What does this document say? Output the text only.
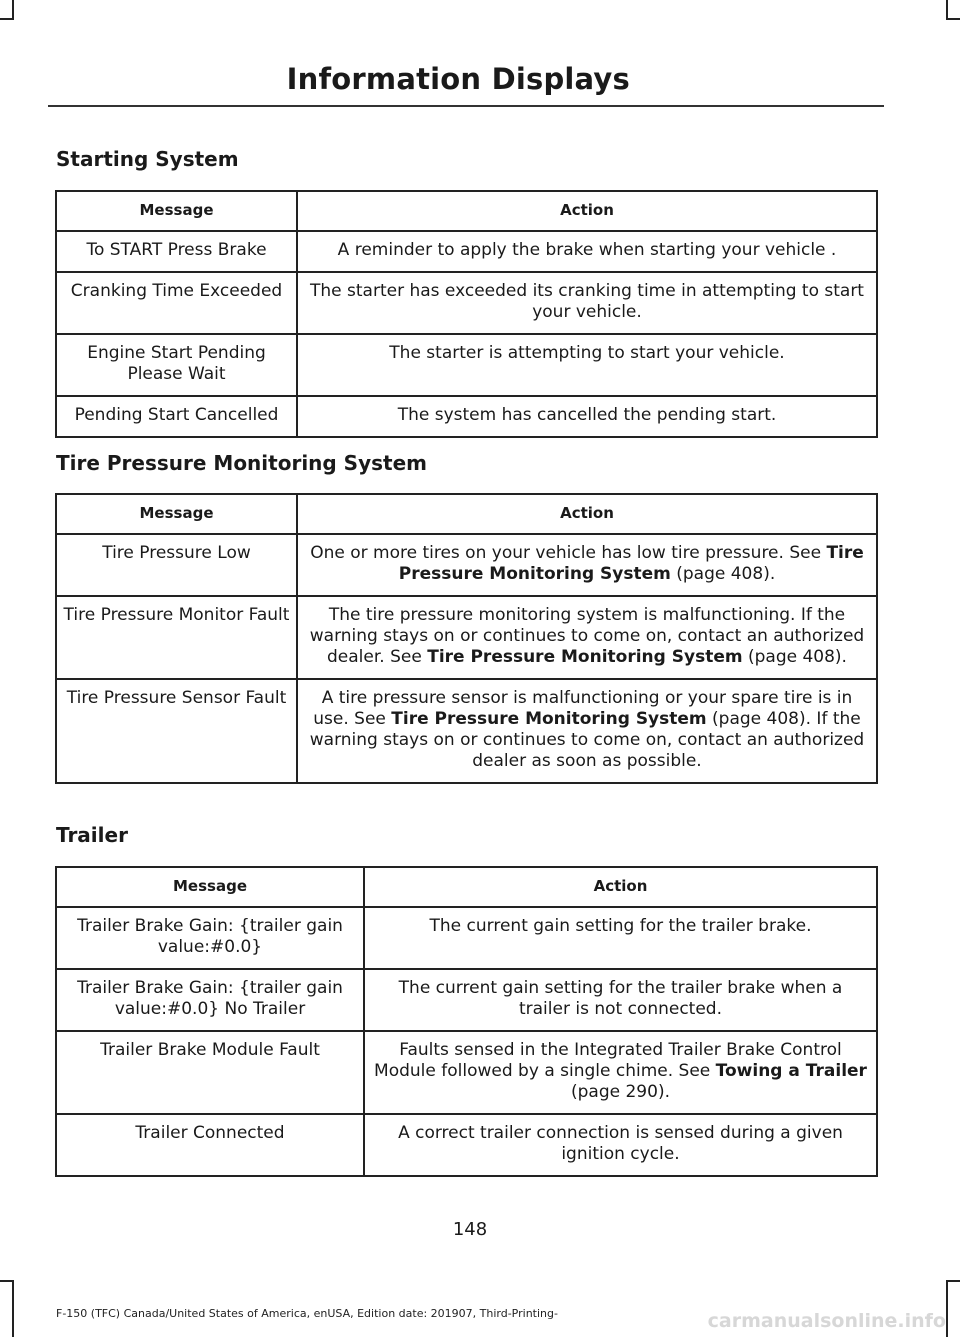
Information Displays
Starting System
Message	Action
To START Press Brake	A reminder to apply the brake when starting your vehicle .
Cranking Time Exceeded	The starter has exceeded its cranking time in attempting to start your vehicle.
Engine Start Pending Please Wait	The starter is attempting to start your vehicle.
Pending Start Cancelled	The system has cancelled the pending start.
Tire Pressure Monitoring System
Message	Action
Tire Pressure Low	One or more tires on your vehicle has low tire pressure. See Tire Pressure Monitoring System (page 408).
Tire Pressure Monitor Fault	The tire pressure monitoring system is malfunctioning. If the warning stays on or continues to come on, contact an authorized dealer. See Tire Pressure Monitoring System (page 408).
Tire Pressure Sensor Fault	A tire pressure sensor is malfunctioning or your spare tire is in use. See Tire Pressure Monitoring System (page 408). If the warning stays on or continues to come on, contact an authorized dealer as soon as possible.
Trailer
Message	Action
Trailer Brake Gain: {trailer gain value:#0.0}	The current gain setting for the trailer brake.
Trailer Brake Gain: {trailer gain value:#0.0} No Trailer	The current gain setting for the trailer brake when a trailer is not connected.
Trailer Brake Module Fault	Faults sensed in the Integrated Trailer Brake Control Module followed by a single chime. See Towing a Trailer (page 290).
Trailer Connected	A correct trailer connection is sensed during a given ignition cycle.
148
F-150 (TFC) Canada/United States of America, enUSA, Edition date: 201907, Third-Printing-	carmanualsonline.info
